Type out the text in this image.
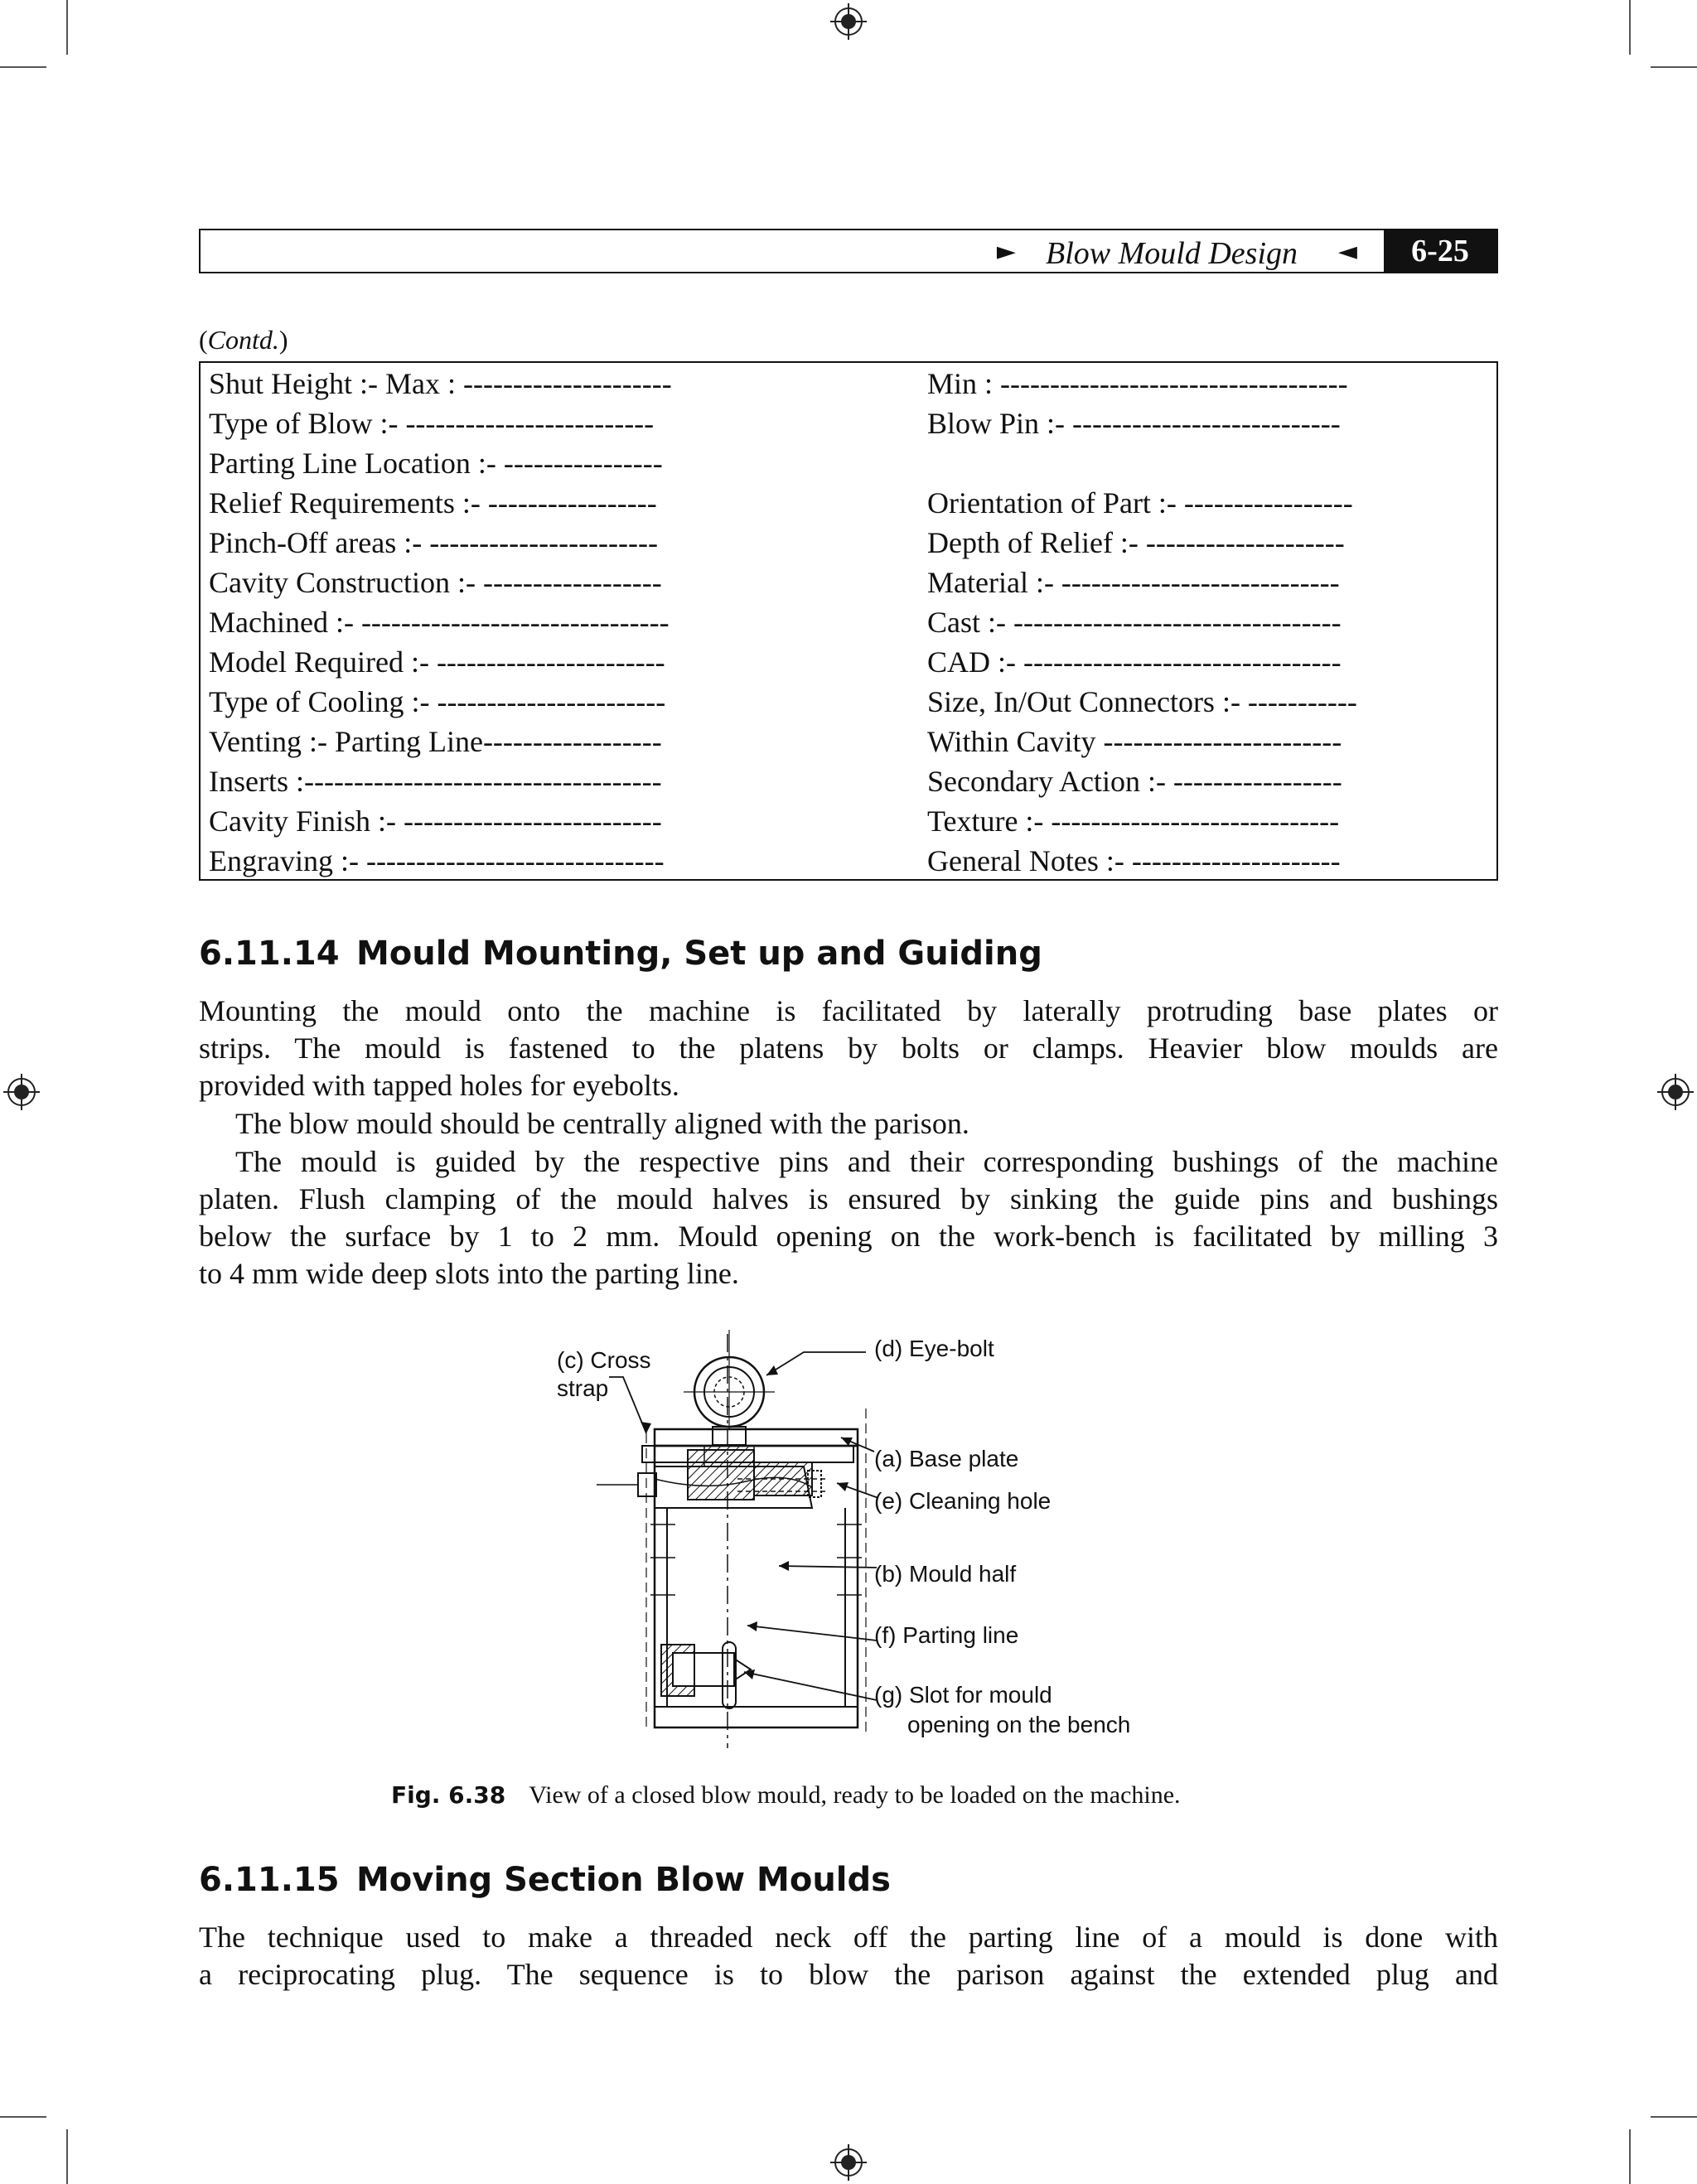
► Blow Mould Design ◄	6-25
(Contd.)
Shut Height :- Max : ---------------------	Min : -----------------------------------
Type of Blow :- -------------------------	Blow Pin :- ---------------------------
Parting Line Location :- ----------------
Relief Requirements :- -----------------	Orientation of Part :- -----------------
Pinch-Off areas :- -----------------------	Depth of Relief :- --------------------
Cavity Construction :- ------------------	Material :- ----------------------------
Machined :- -------------------------------	Cast :- ---------------------------------
Model Required :- -----------------------	CAD :- --------------------------------
Type of Cooling :- -----------------------	Size, In/Out Connectors :- -----------
Venting :- Parting Line------------------	Within Cavity ------------------------
Inserts :------------------------------------	Secondary Action :- -----------------
Cavity Finish :- --------------------------	Texture :- -----------------------------
Engraving :- ------------------------------	General Notes :- ---------------------
6.11.14 Mould Mounting, Set up and Guiding
Mounting the mould onto the machine is facilitated by laterally protruding base plates or
strips. The mould is fastened to the platens by bolts or clamps. Heavier blow moulds are
provided with tapped holes for eyebolts.
The blow mould should be centrally aligned with the parison.
The mould is guided by the respective pins and their corresponding bushings of the machine
platen. Flush clamping of the mould halves is ensured by sinking the guide pins and bushings
below the surface by 1 to 2 mm. Mould opening on the work-bench is facilitated by milling 3
to 4 mm wide deep slots into the parting line.
(c) Cross
strap
(d) Eye-bolt
(a) Base plate
(e) Cleaning hole
(b) Mould half
(f) Parting line
(g) Slot for mould
opening on the bench
Fig. 6.38 View of a closed blow mould, ready to be loaded on the machine.
6.11.15 Moving Section Blow Moulds
The technique used to make a threaded neck off the parting line of a mould is done with
a reciprocating plug. The sequence is to blow the parison against the extended plug and
